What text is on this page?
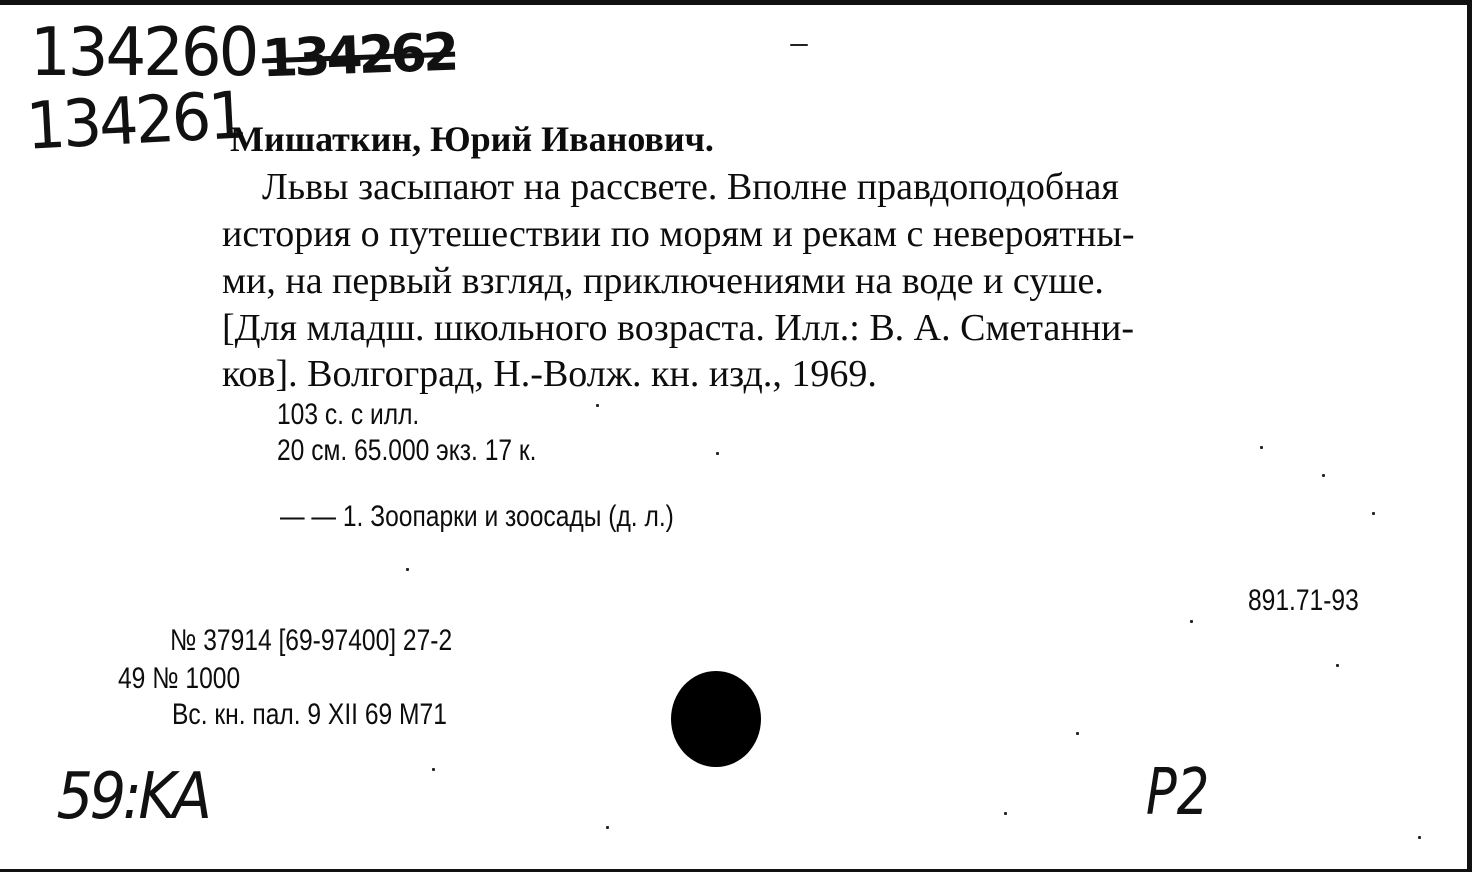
134260 134262
134261

Мишаткин, Юрий Иванович.

Львы засыпают на рассвете. Вполне правдоподобная

история о путешествии по морям и рекам с невероятны-

ми, на первый взгляд, приключениями на воде и суше.

[Для младш. школьного возраста. Илл.: В. А. Сметанни-

ков]. Волгоград, Н.-Волж. кн. изд., 1969.

103 с. с илл.

20 см. 65.000 экз. 17 к.

— — 1. Зоопарки и зоосады (д. л.)

891.71-93

№ 37914 [69-97400] 27-2

49 № 1000

Вс. кн. пал. 9 XII 69 М71

59:KA	P2
